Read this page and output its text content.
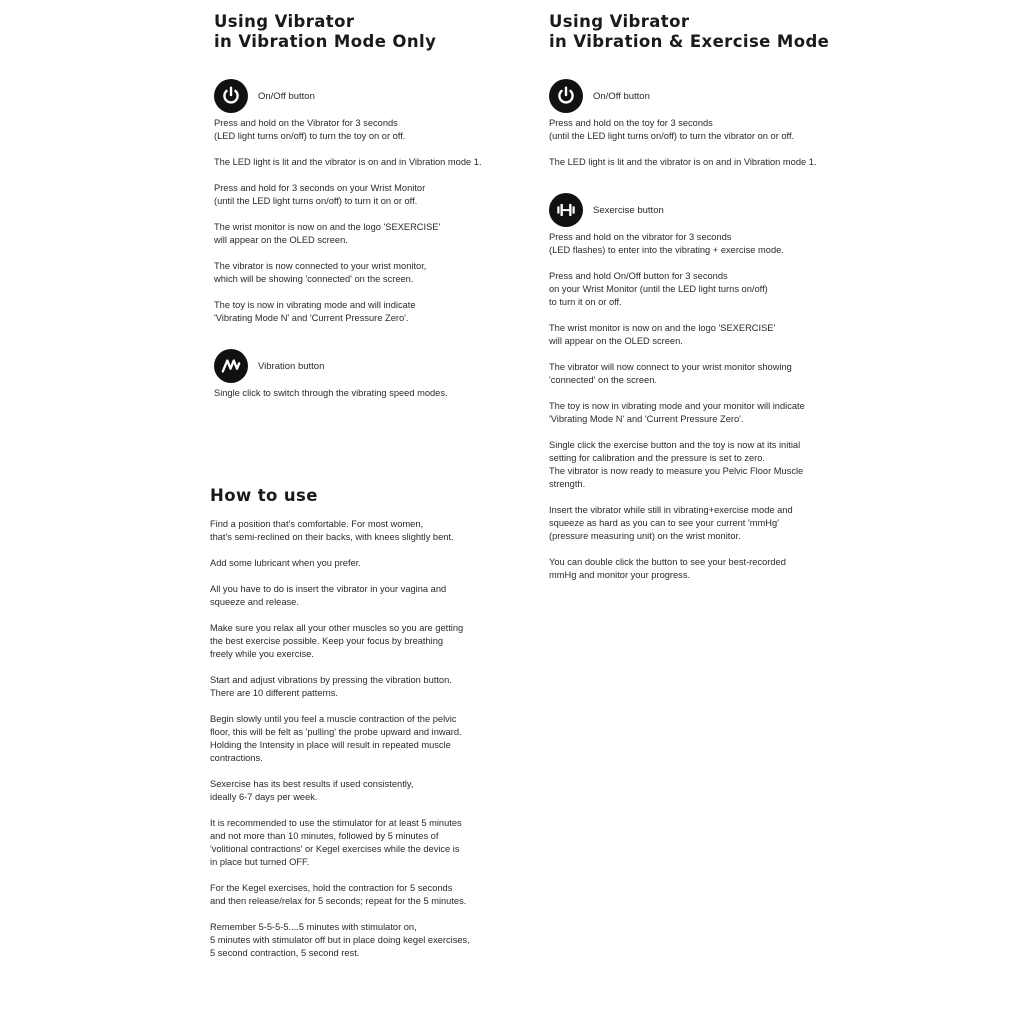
Using Vibrator
in Vibration Mode Only
On/Off button

Press and hold on the Vibrator for 3 seconds
(LED light turns on/off) to turn the toy on or off.

The LED light is lit and the vibrator is on and in Vibration mode 1.

Press and hold for 3 seconds on your Wrist Monitor
(until the LED light turns on/off) to turn it on or off.

The wrist monitor is now on and the logo 'SEXERCISE'
will appear on the OLED screen.

The vibrator is now connected to your wrist monitor,
which will be showing 'connected' on the screen.

The toy is now in vibrating mode and will indicate
'Vibrating Mode N' and 'Current Pressure Zero'.

Vibration button

Single click to switch through the vibrating speed modes.

How to use

Find a position that's comfortable. For most women,
that's semi-reclined on their backs, with knees slightly bent.

Add some lubricant when you prefer.

All you have to do is insert the vibrator in your vagina and
squeeze and release.

Make sure you relax all your other muscles so you are getting
the best exercise possible. Keep your focus by breathing
freely while you exercise.

Start and adjust vibrations by pressing the vibration button.
There are 10 different patterns.

Begin slowly until you feel a muscle contraction of the pelvic
floor, this will be felt as 'pulling' the probe upward and inward.
Holding the Intensity in place will result in repeated muscle
contractions.

Sexercise has its best results if used consistently,
ideally 6-7 days per week.

It is recommended to use the stimulator for at least 5 minutes
and not more than 10 minutes, followed by 5 minutes of
'volitional contractions' or Kegel exercises while the device is
in place but turned OFF.

For the Kegel exercises, hold the contraction for 5 seconds
and then release/relax for 5 seconds; repeat for the 5 minutes.

Remember 5-5-5-5....5 minutes with stimulator on,
5 minutes with stimulator off but in place doing kegel exercises,
5 second contraction, 5 second rest.

Using Vibrator
in Vibration & Exercise Mode
On/Off button

Press and hold on the toy for 3 seconds
(until the LED light turns on/off) to turn the vibrator on or off.

The LED light is lit and the vibrator is on and in Vibration mode 1.

Sexercise button

Press and hold on the vibrator for 3 seconds
(LED flashes) to enter into the vibrating + exercise mode.

Press and hold On/Off button for 3 seconds
on your Wrist Monitor (until the LED light turns on/off)
to turn it on or off.

The wrist monitor is now on and the logo 'SEXERCISE'
will appear on the OLED screen.

The vibrator will now connect to your wrist monitor showing
'connected' on the screen.

The toy is now in vibrating mode and your monitor will indicate
'Vibrating Mode N' and 'Current Pressure Zero'.

Single click the exercise button and the toy is now at its initial
setting for calibration and the pressure is set to zero.
The vibrator is now ready to measure you Pelvic Floor Muscle
strength.

Insert the vibrator while still in vibrating+exercise mode and
squeeze as hard as you can to see your current 'mmHg'
(pressure measuring unit) on the wrist monitor.

You can double click the button to see your best-recorded
mmHg and monitor your progress.
